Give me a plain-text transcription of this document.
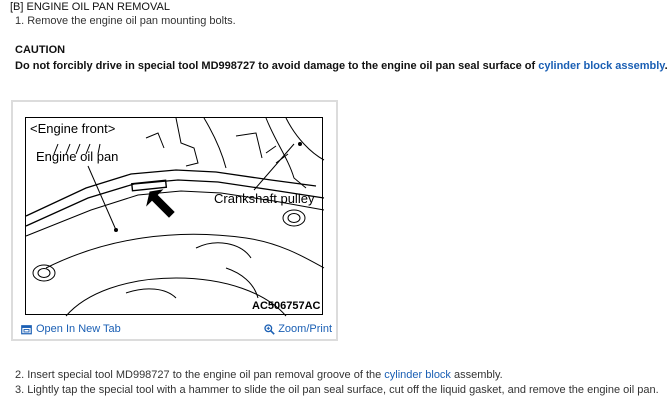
[B] ENGINE OIL PAN REMOVAL
1. Remove the engine oil pan mounting bolts.
CAUTION
Do not forcibly drive in special tool MD998727 to avoid damage to the engine oil pan seal surface of cylinder block assembly.
<Engine front>
Engine oil pan
Crankshaft pulley
AC506757AC
Open In New Tab	Zoom/Print
2. Insert special tool MD998727 to the engine oil pan removal groove of the cylinder block assembly.
3. Lightly tap the special tool with a hammer to slide the oil pan seal surface, cut off the liquid gasket, and remove the engine oil pan.
